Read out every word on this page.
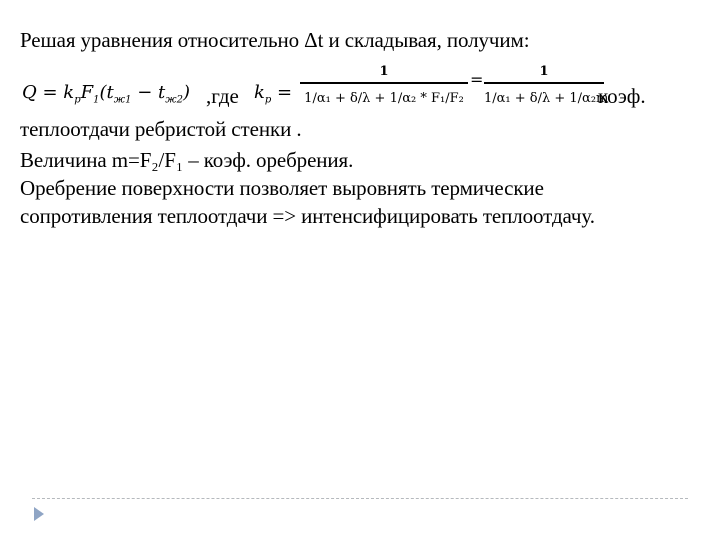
Решая уравнения относительно Δt и складывая, получим:
$Q = k_pF_1(t_{ж1} - t_{ж2})$ ,где $k_p$ =
1
1/α₁ + δ/λ + 1/α₂ * F₁/F₂
=	1
1/α₁ + δ/λ + 1/α₂m
коэф.
теплоотдачи ребристой стенки .
Величина m=F₂/F₁ – коэф. оребрения.
Оребрение поверхности позволяет выровнять термические
сопротивления теплоотдачи => интенсифицировать теплоотдачу.
